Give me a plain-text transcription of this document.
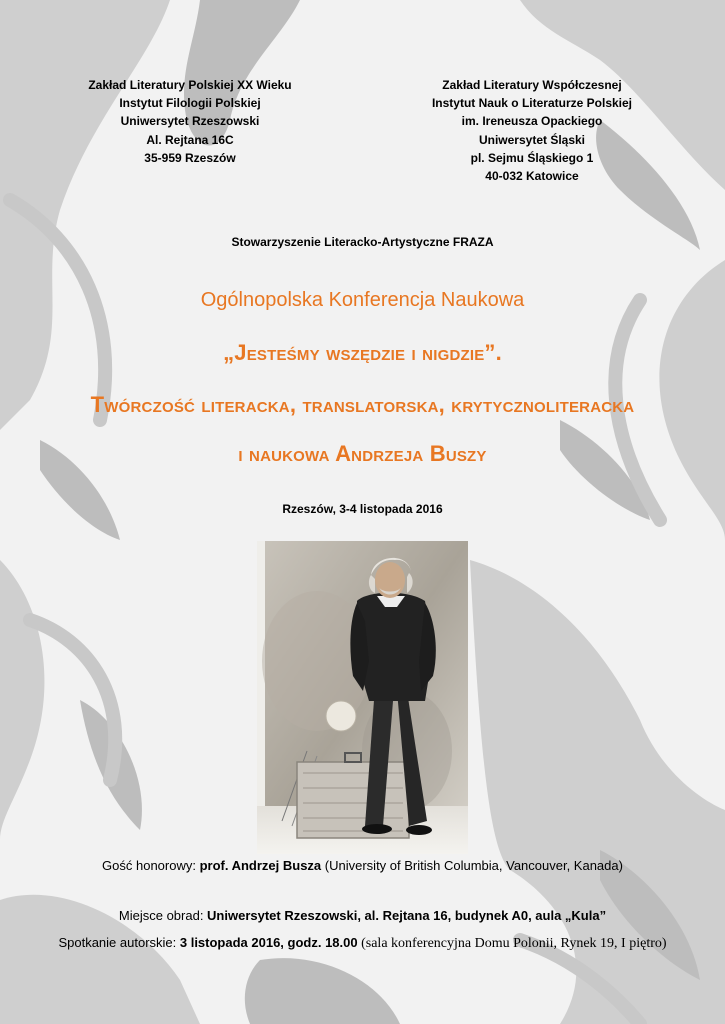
Zakład Literatury Polskiej XX Wieku
Instytut Filologii Polskiej
Uniwersytet Rzeszowski
Al. Rejtana 16C
35-959 Rzeszów
Zakład Literatury Współczesnej
Instytut Nauk o Literaturze Polskiej
im. Ireneusza Opackiego
Uniwersytet Śląski
pl. Sejmu Śląskiego 1
40-032 Katowice
Stowarzyszenie Literacko-Artystyczne FRAZA
Ogólnopolska Konferencja Naukowa
„Jesteśmy wszędzie i nigdzie”.
Twórczość literacka, translatorska, krytycznoliteracka
i naukowa Andrzeja Buszy
Rzeszów, 3-4 listopada 2016
Gość honorowy: prof. Andrzej Busza (University of British Columbia, Vancouver, Kanada)
Miejsce obrad: Uniwersytet Rzeszowski, al. Rejtana 16, budynek A0, aula „Kula”
Spotkanie autorskie: 3 listopada 2016, godz. 18.00 (sala konferencyjna Domu Polonii, Rynek 19, I piętro)
